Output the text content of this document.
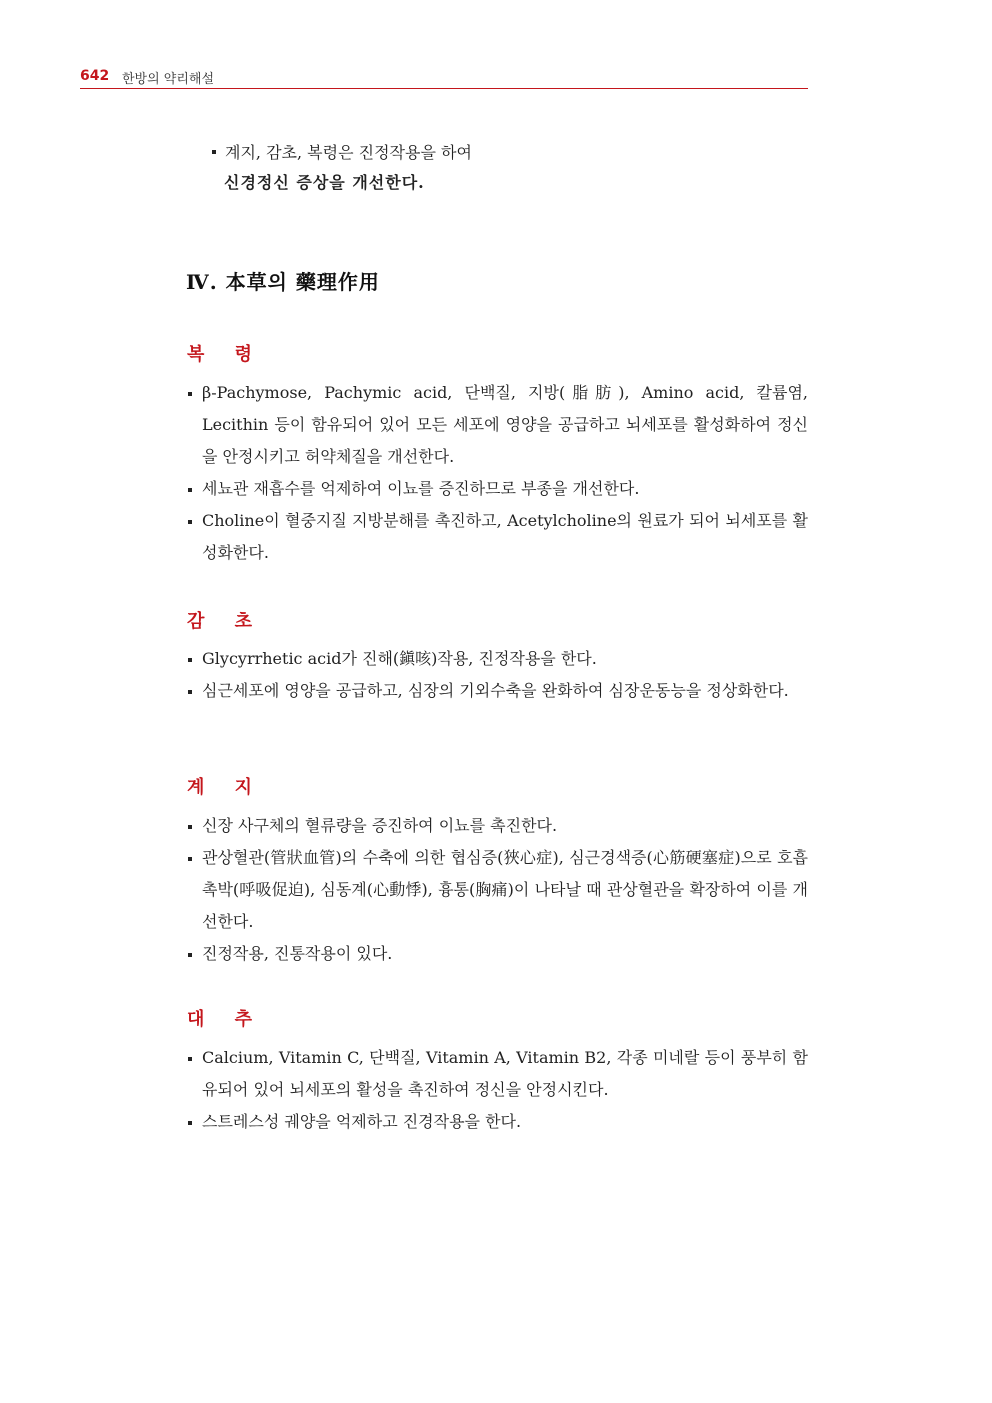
642 한방의 약리해설
계지, 감초, 복령은 진정작용을 하여
신경정신 증상을 개선한다.
Ⅳ. 本草의 藥理作用
복 령
β-Pachymose, Pachymic acid, 단백질, 지방(脂肪), Amino acid, 칼륨염, Lecithin 등이 함유되어 있어 모든 세포에 영양을 공급하고 뇌세포를 활성화하여 정신을 안정시키고 허약체질을 개선한다.
세뇨관 재흡수를 억제하여 이뇨를 증진하므로 부종을 개선한다.
Choline이 혈중지질 지방분해를 촉진하고, Acetylcholine의 원료가 되어 뇌세포를 활성화한다.
감 초
Glycyrrhetic acid가 진해(鎭咳)작용, 진정작용을 한다.
심근세포에 영양을 공급하고, 심장의 기외수축을 완화하여 심장운동능을 정상화한다.
계 지
신장 사구체의 혈류량을 증진하여 이뇨를 촉진한다.
관상혈관(管狀血管)의 수축에 의한 협심증(狹心症), 심근경색증(心筋硬塞症)으로 호흡촉박(呼吸促迫), 심동계(心動悸), 흉통(胸痛)이 나타날 때 관상혈관을 확장하여 이를 개선한다.
진정작용, 진통작용이 있다.
대 추
Calcium, Vitamin C, 단백질, Vitamin A, Vitamin B2, 각종 미네랄 등이 풍부히 함유되어 있어 뇌세포의 활성을 촉진하여 정신을 안정시킨다.
스트레스성 궤양을 억제하고 진경작용을 한다.
